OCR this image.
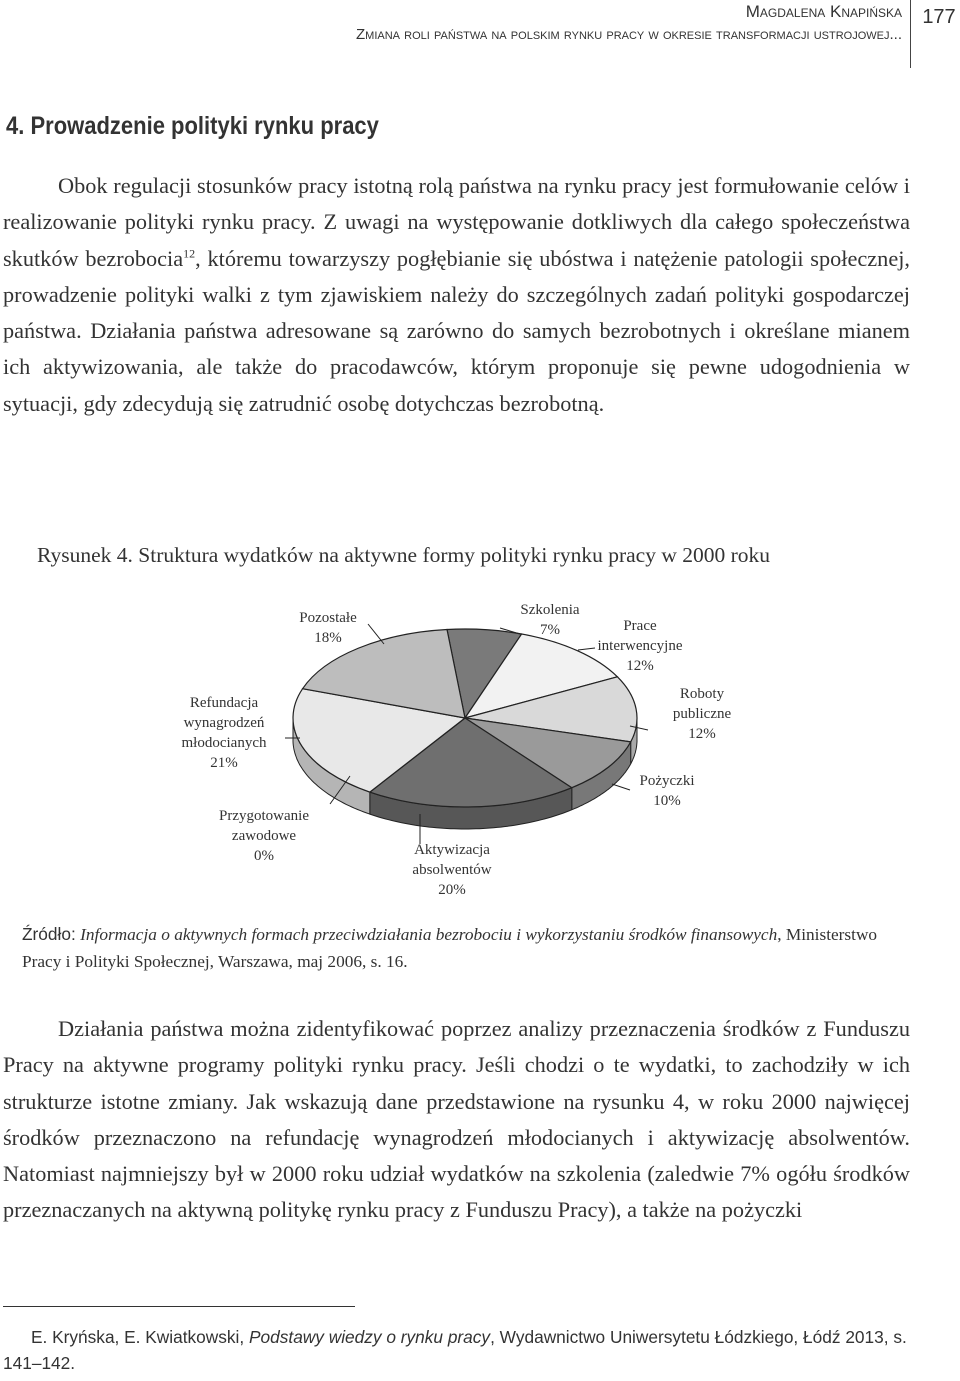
Magdalena Knapińska
Zmiana roli państwa na polskim rynku pracy w okresie transformacji ustrojowej...
177
4. Prowadzenie polityki rynku pracy
Obok regulacji stosunków pracy istotną rolą państwa na rynku pracy jest formułowanie celów i realizowanie polityki rynku pracy. Z uwagi na występowanie dotkliwych dla całego społeczeństwa skutków bezrobocia$^{12}$, któremu towarzyszy pogłębianie się ubóstwa i natężenie patologii społecznej, prowadzenie polityki walki z tym zjawiskiem należy do szczególnych zadań polityki gospodarczej państwa. Działania państwa adresowane są zarówno do samych bezrobotnych i określane mianem ich aktywizowania, ale także do pracodawców, którym proponuje się pewne udogodnienia w sytuacji, gdy zdecydują się zatrudnić osobę dotychczas bezrobotną.
Rysunek 4. Struktura wydatków na aktywne formy polityki rynku pracy w 2000 roku
Szkolenia 7%	Prace interwencyjne 12%
Roboty publiczne 12%
Pożyczki 10%
Aktywizacja absolwentów 20%
Przygotowanie zawodowe 0%
Refundacja wynagrodzeń młodocianych 21%
Pozostałe 18%
Źródło: Informacja o aktywnych formach przeciwdziałania bezrobociu i wykorzystaniu środków finansowych, Ministerstwo Pracy i Polityki Społecznej, Warszawa, maj 2006, s. 16.
Działania państwa można zidentyfikować poprzez analizy przeznaczenia środków z Funduszu Pracy na aktywne programy polityki rynku pracy. Jeśli chodzi o te wydatki, to zachodziły w ich strukturze istotne zmiany. Jak wskazują dane przedstawione na rysunku 4, w roku 2000 najwięcej środków przeznaczono na refundację wynagrodzeń młodocianych i aktywizację absolwentów. Natomiast najmniejszy był w 2000 roku udział wydatków na szkolenia (zaledwie 7% ogółu środków przeznaczanych na aktywną politykę rynku pracy z Funduszu Pracy), a także na pożyczki
E. Kryńska, E. Kwiatkowski, Podstawy wiedzy o rynku pracy, Wydawnictwo Uniwersytetu Łódzkiego, Łódź 2013, s. 141–142.
